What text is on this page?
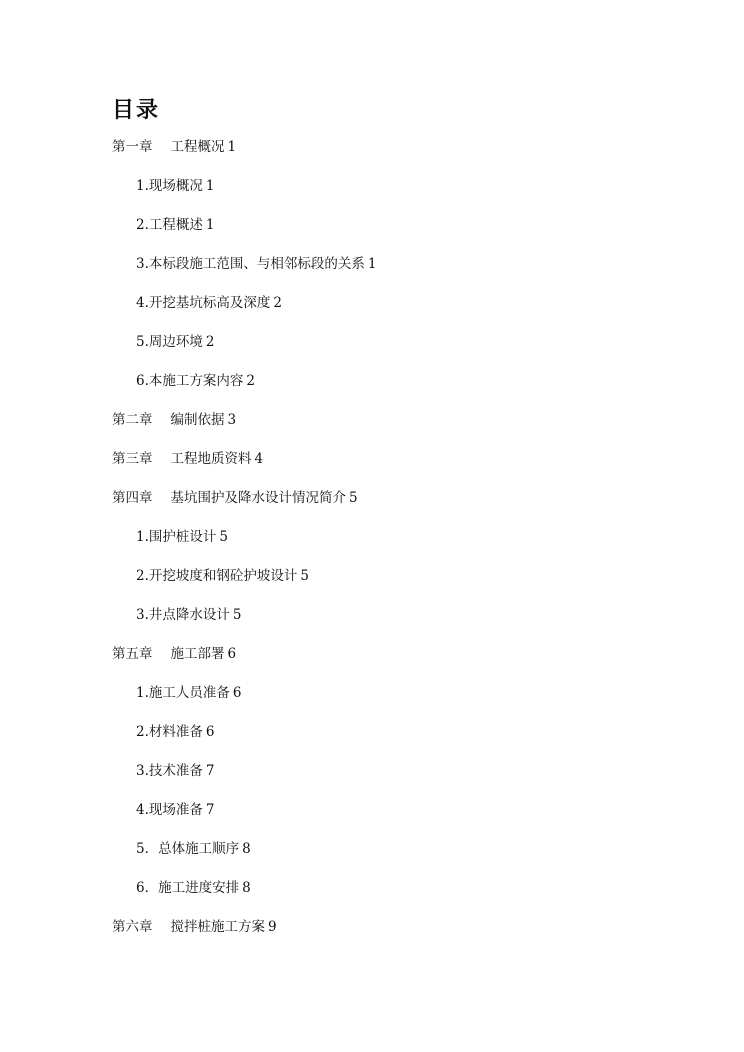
目录
第一章 工程概况 1
1.现场概况 1
2.工程概述 1
3.本标段施工范围、与相邻标段的关系 1
4.开挖基坑标高及深度 2
5.周边环境 2
6.本施工方案内容 2
第二章 编制依据 3
第三章 工程地质资料 4
第四章 基坑围护及降水设计情况简介 5
1.围护桩设计 5
2.开挖坡度和钢砼护坡设计 5
3.井点降水设计 5
第五章 施工部署 6
1.施工人员准备 6
2.材料准备 6
3.技术准备 7
4.现场准备 7
5．总体施工顺序 8
6．施工进度安排 8
第六章 搅拌桩施工方案 9
